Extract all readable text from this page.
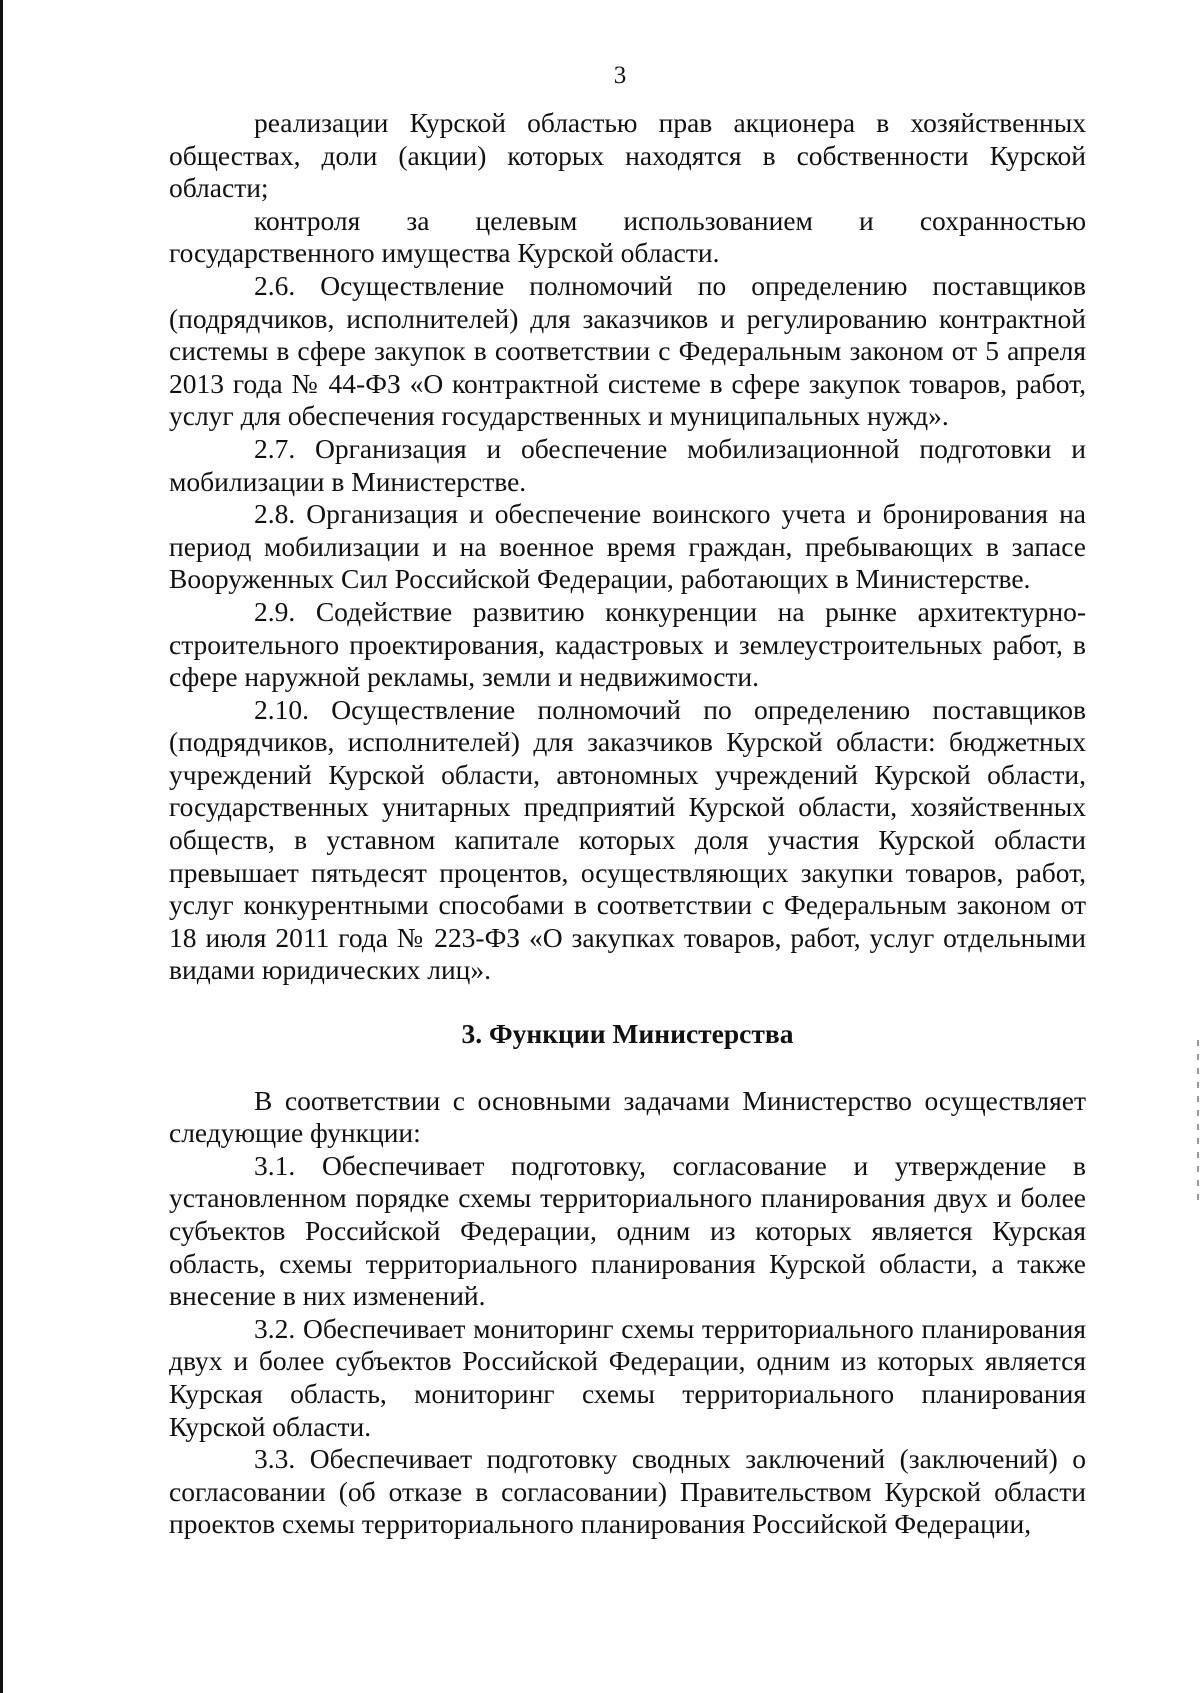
3

реализации Курской областью прав акционера в хозяйственных обществах, доли (акции) которых находятся в собственности Курской области;

контроля за целевым использованием и сохранностью государственного имущества Курской области.

2.6. Осуществление полномочий по определению поставщиков (подрядчиков, исполнителей) для заказчиков и регулированию контрактной системы в сфере закупок в соответствии с Федеральным законом от 5 апреля 2013 года № 44-ФЗ «О контрактной системе в сфере закупок товаров, работ, услуг для обеспечения государственных и муниципальных нужд».

2.7. Организация и обеспечение мобилизационной подготовки и мобилизации в Министерстве.

2.8. Организация и обеспечение воинского учета и бронирования на период мобилизации и на военное время граждан, пребывающих в запасе Вооруженных Сил Российской Федерации, работающих в Министерстве.

2.9. Содействие развитию конкуренции на рынке архитектурно-строительного проектирования, кадастровых и землеустроительных работ, в сфере наружной рекламы, земли и недвижимости.

2.10. Осуществление полномочий по определению поставщиков (подрядчиков, исполнителей) для заказчиков Курской области: бюджетных учреждений Курской области, автономных учреждений Курской области, государственных унитарных предприятий Курской области, хозяйственных обществ, в уставном капитале которых доля участия Курской области превышает пятьдесят процентов, осуществляющих закупки товаров, работ, услуг конкурентными способами в соответствии с Федеральным законом от 18 июля 2011 года № 223-ФЗ «О закупках товаров, работ, услуг отдельными видами юридических лиц».

3. Функции Министерства

В соответствии с основными задачами Министерство осуществляет следующие функции:

3.1. Обеспечивает подготовку, согласование и утверждение в установленном порядке схемы территориального планирования двух и более субъектов Российской Федерации, одним из которых является Курская область, схемы территориального планирования Курской области, а также внесение в них изменений.

3.2. Обеспечивает мониторинг схемы территориального планирования двух и более субъектов Российской Федерации, одним из которых является Курская область, мониторинг схемы территориального планирования Курской области.

3.3. Обеспечивает подготовку сводных заключений (заключений) о согласовании (об отказе в согласовании) Правительством Курской области проектов схемы территориального планирования Российской Федерации,
